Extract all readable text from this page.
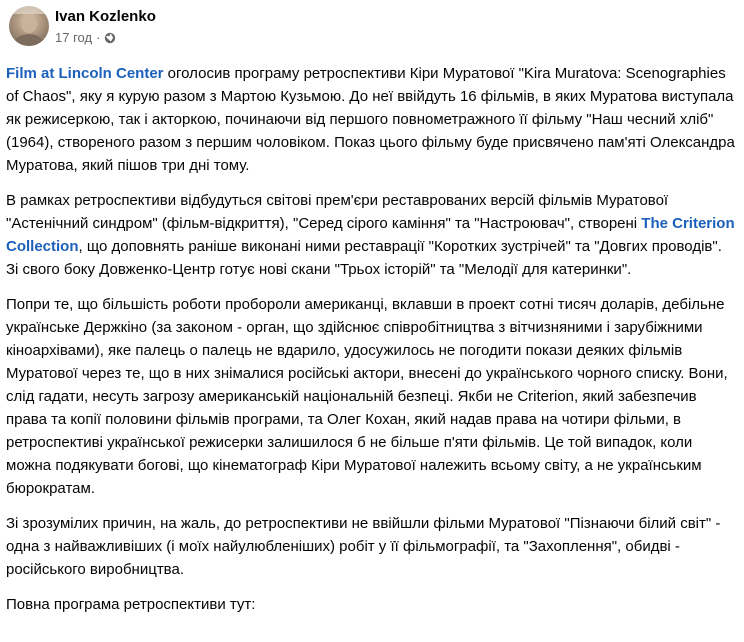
Ivan Kozlenko
17 год ·

Film at Lincoln Center оголосив програму ретроспективи Кіри Муратової "Kira Muratova: Scenographies of Chaos", яку я курую разом з Мартою Кузьмою. До неї ввійдуть 16 фільмів, в яких Муратова виступала як режисеркою, так і акторкою, починаючи від першого повнометражного її фільму "Наш чесний хліб" (1964), створеного разом з першим чоловіком. Показ цього фільму буде присвячено пам'яті Олександра Муратова, який пішов три дні тому.

В рамках ретроспективи відбудуться світові прем'єри реставрованих версій фільмів Муратової "Астенічний синдром" (фільм-відкриття), "Серед сірого каміння" та "Настроювач", створені The Criterion Collection, що доповнять раніше виконані ними реставрації "Коротких зустрічей" та "Довгих проводів". Зі свого боку Довженко-Центр готує нові скани "Трьох історій" та "Мелодії для катеринки".

Попри те, що більшість роботи пробороли американці, вклавши в проект сотні тисяч доларів, дебільне українське Держкіно (за законом - орган, що здійснює співробітництва з вітчизняними і зарубіжними кіноархівами), яке палець о палець не вдарило, удосужилось не погодити покази деяких фільмів Муратової через те, що в них знімалися російські актори, внесені до українського чорного списку. Вони, слід гадати, несуть загрозу американській національній безпеці. Якби не Criterion, який забезпечив права та копії половини фільмів програми, та Олег Кохан, який надав права на чотири фільми, в ретроспективі української режисерки залишилося б не більше п'яти фільмів. Це той випадок, коли можна подякувати богові, що кінематограф Кіри Муратової належить всьому світу, а не українським бюрократам.

Зі зрозумілих причин, на жаль, до ретроспективи не ввійшли фільми Муратової "Пізнаючи білий світ" - одна з найважливіших (і моїх найулюбленіших) робіт у її фільмографії, та "Захоплення", обидві - російського виробництва.

Повна програма ретроспективи тут:
